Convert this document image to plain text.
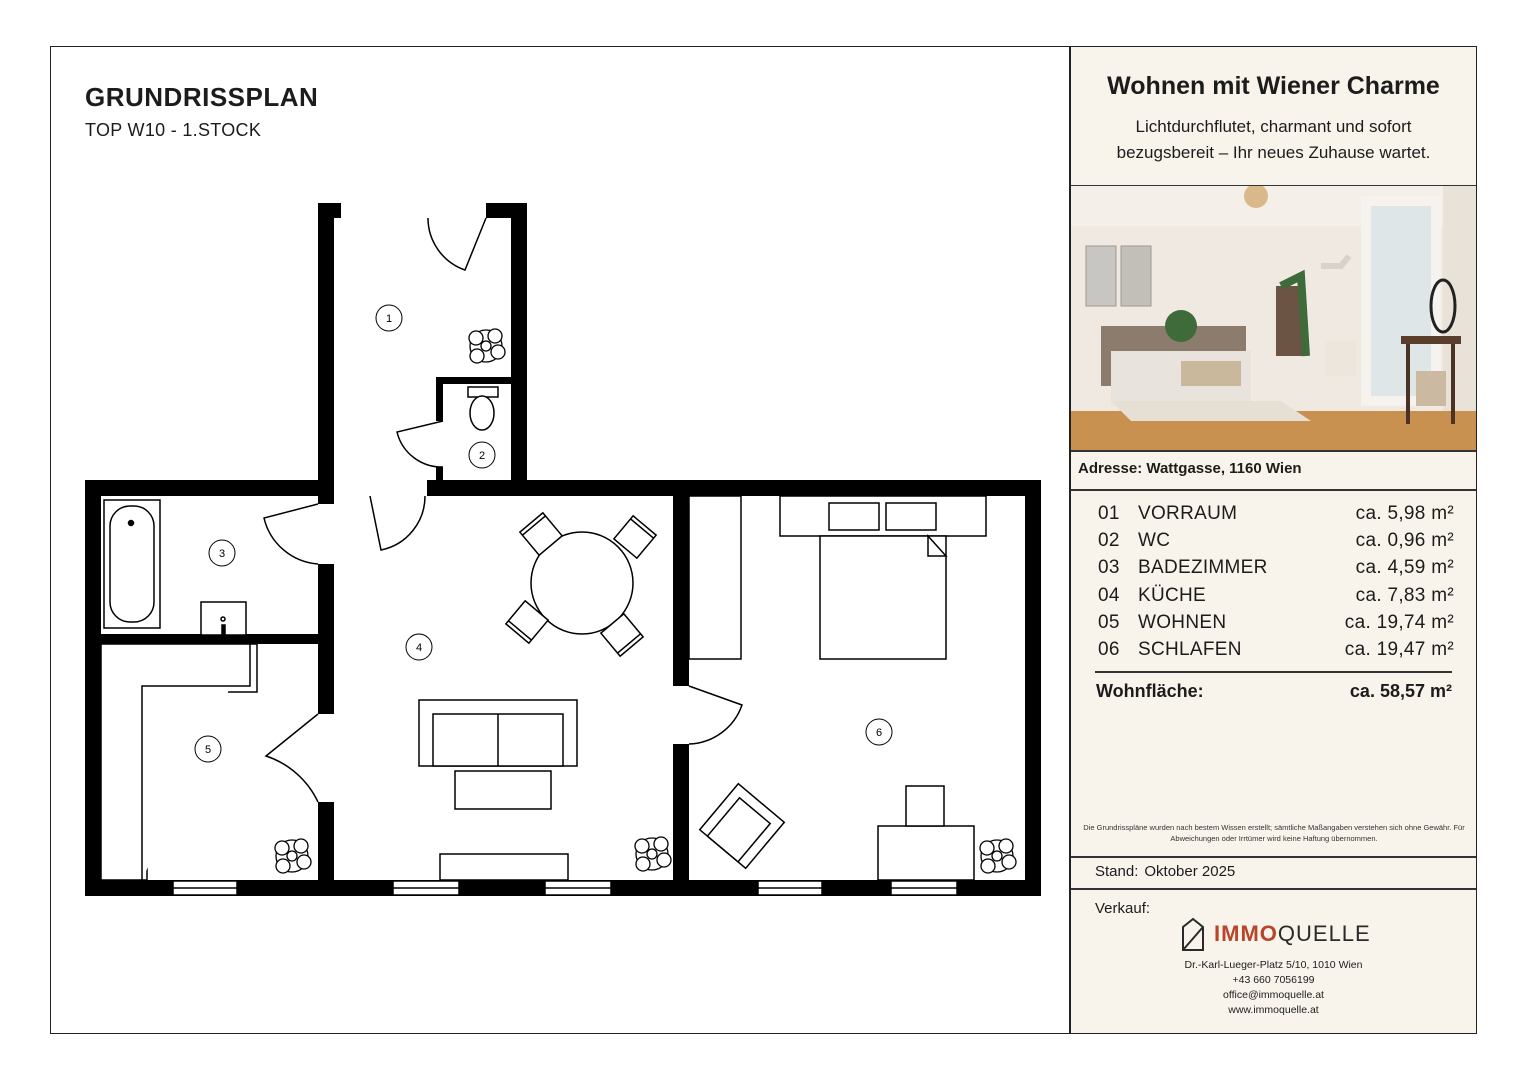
GRUNDRISSPLAN
TOP W10 - 1.STOCK
1
2
3
4
5
6
Wohnen mit Wiener Charme
Lichtdurchflutet, charmant und sofort
bezugsbereit – Ihr neues Zuhause wartet.
Adresse: Wattgasse, 1160 Wien
01 VORRAUM	ca. 5,98 m²
02 WC	ca. 0,96 m²
03 BADEZIMMER	ca. 4,59 m²
04 KÜCHE	ca. 7,83 m²
05 WOHNEN	ca. 19,74 m²
06 SCHLAFEN	ca. 19,47 m²
Wohnfläche:	ca. 58,57 m²
Die Grundrisspläne wurden nach bestem Wissen erstellt; sämtliche Maßangaben verstehen sich ohne Gewähr. Für Abweichungen oder Irrtümer wird keine Haftung übernommen.
Stand: Oktober 2025
Verkauf:
IMMOQUELLE
Dr.-Karl-Lueger-Platz 5/10, 1010 Wien
+43 660 7056199
office@immoquelle.at
www.immoquelle.at
